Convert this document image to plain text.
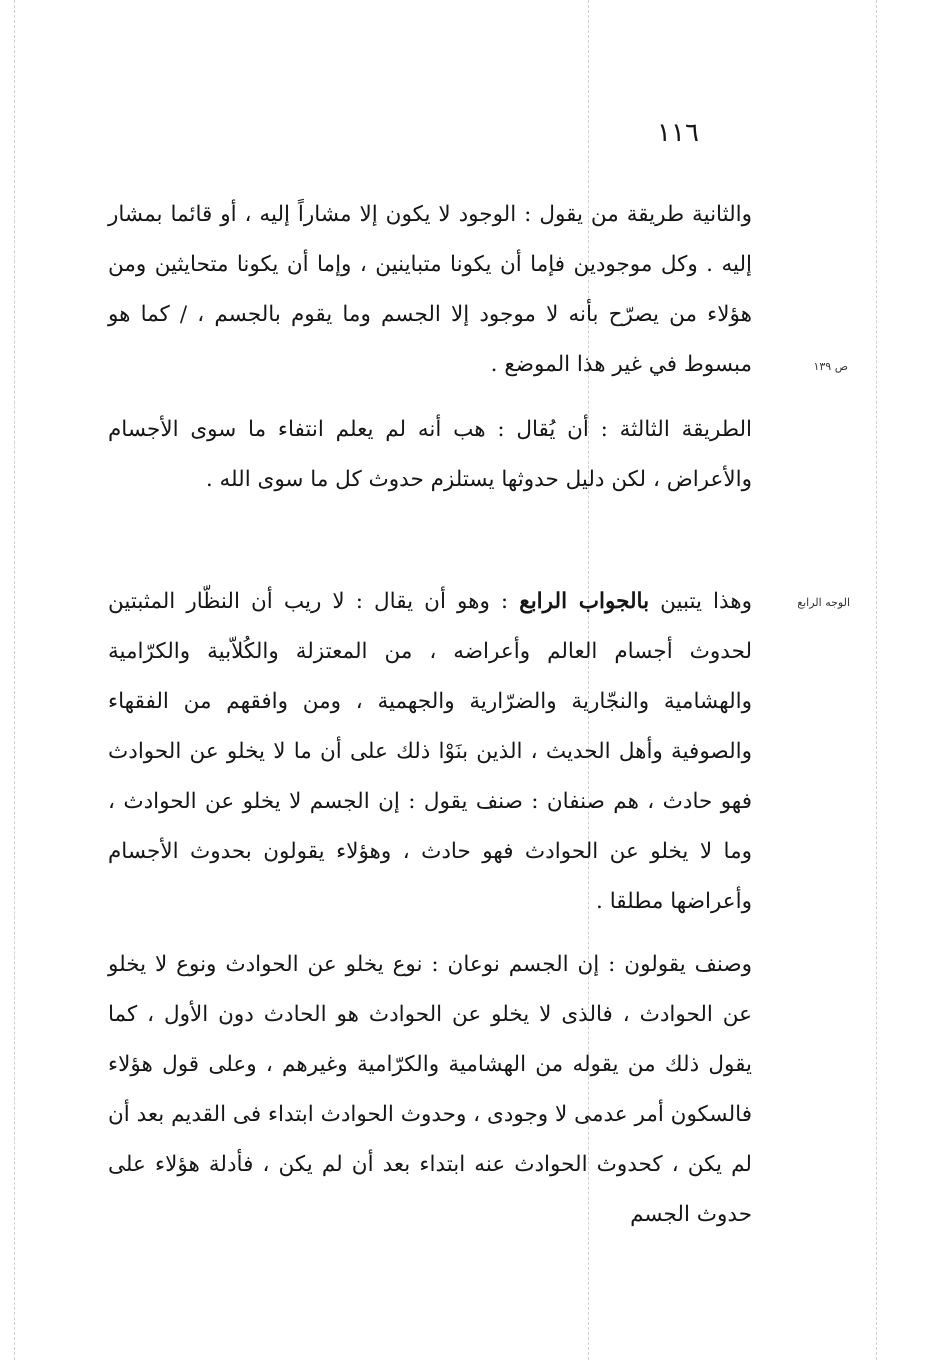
١١٦
ص ١٣٩
الوجه الرابع

والثانية طريقة من يقول : الوجود لا يكون إلا مشاراً إليه ، أو قائما بمشار إليه . وكل موجودين فإما أن يكونا متباينين ، وإما أن يكونا متحايثين ومن هؤلاء من يصرّح بأنه لا موجود إلا الجسم وما يقوم بالجسم ، / كما هو مبسوط في غير هذا الموضع .

الطريقة الثالثة : أن يُقال : هب أنه لم يعلم انتفاء ما سوى الأجسام والأعراض ، لكن دليل حدوثها يستلزم حدوث كل ما سوى الله .

وهذا يتبين بالجواب الرابع : وهو أن يقال : لا ريب أن النظّار المثبتين لحدوث أجسام العالم وأعراضه ، من المعتزلة والكُلاّبية والكرّامية والهشامية والنجّارية والضرّارية والجهمية ، ومن وافقهم من الفقهاء والصوفية وأهل الحديث ، الذين بنَوْا ذلك على أن ما لا يخلو عن الحوادث فهو حادث ، هم صنفان : صنف يقول : إن الجسم لا يخلو عن الحوادث ، وما لا يخلو عن الحوادث فهو حادث ، وهؤلاء يقولون بحدوث الأجسام وأعراضها مطلقا .

وصنف يقولون : إن الجسم نوعان : نوع يخلو عن الحوادث ونوع لا يخلو عن الحوادث ، فالذى لا يخلو عن الحوادث هو الحادث دون الأول ، كما يقول ذلك من يقوله من الهشامية والكرّامية وغيرهم ، وعلى قول هؤلاء فالسكون أمر عدمى لا وجودى ، وحدوث الحوادث ابتداء فى القديم بعد أن لم يكن ، كحدوث الحوادث عنه ابتداء بعد أن لم يكن ، فأدلة هؤلاء على حدوث الجسم
